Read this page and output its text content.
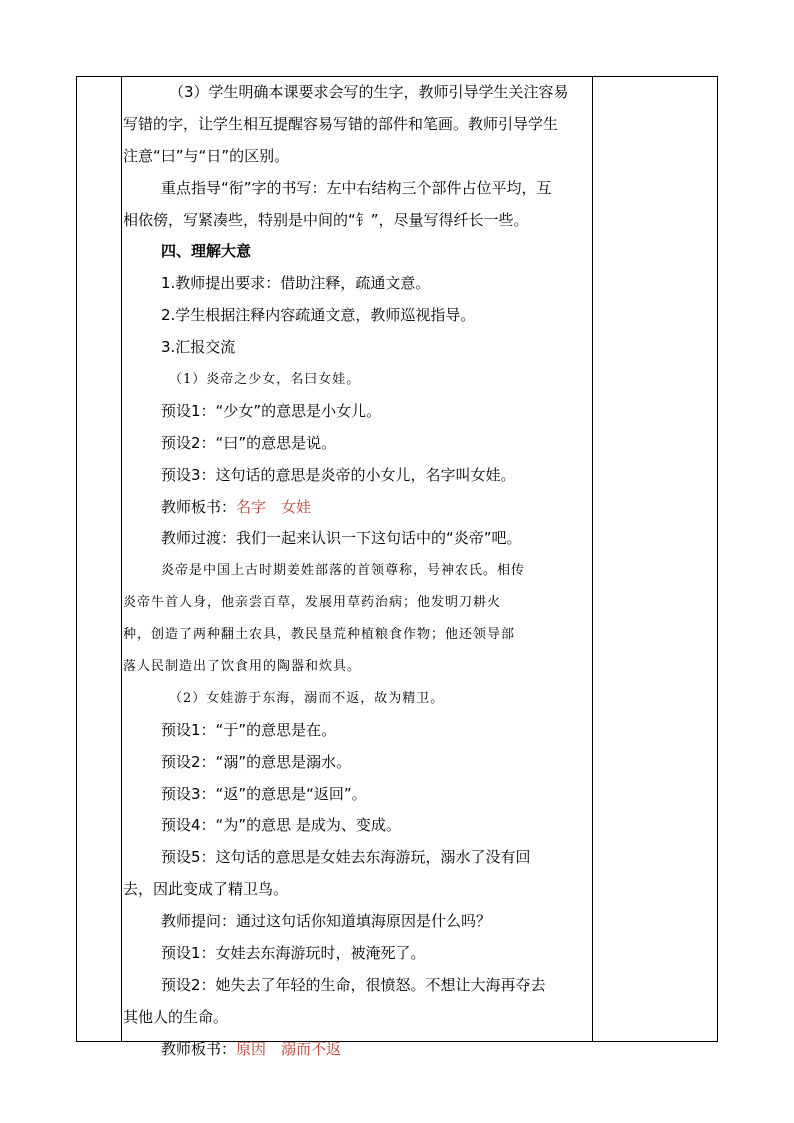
（3）学生明确本课要求会写的生字，教师引导学生关注容易
写错的字，让学生相互提醒容易写错的部件和笔画。教师引导学生
注意“曰”与“日”的区别。
重点指导“衔”字的书写：左中右结构三个部件占位平均，互
相依傍，写紧凑些，特别是中间的“钅”，尽量写得纤长一些。
四、理解大意
1.教师提出要求：借助注释，疏通文意。
2.学生根据注释内容疏通文意，教师巡视指导。
3.汇报交流
（1）炎帝之少女，名曰女娃。
预设1：“少女”的意思是小女儿。
预设2：“曰”的意思是说。
预设3：这句话的意思是炎帝的小女儿，名字叫女娃。
教师板书：名字　女娃
教师过渡：我们一起来认识一下这句话中的“炎帝”吧。
炎帝是中国上古时期姜姓部落的首领尊称，号神农氏。相传
炎帝牛首人身，他亲尝百草，发展用草药治病；他发明刀耕火
种，创造了两种翻土农具，教民垦荒种植粮食作物；他还领导部
落人民制造出了饮食用的陶器和炊具。
（2）女娃游于东海，溺而不返，故为精卫。
预设1：“于”的意思是在。
预设2：“溺”的意思是溺水。
预设3：“返”的意思是“返回”。
预设4：“为”的意思 是成为、变成。
预设5：这句话的意思是女娃去东海游玩，溺水了没有回
去，因此变成了精卫鸟。
教师提问：通过这句话你知道填海原因是什么吗？
预设1：女娃去东海游玩时，被淹死了。
预设2：她失去了年轻的生命，很愤怒。不想让大海再夺去
其他人的生命。
教师板书：原因　溺而不返
